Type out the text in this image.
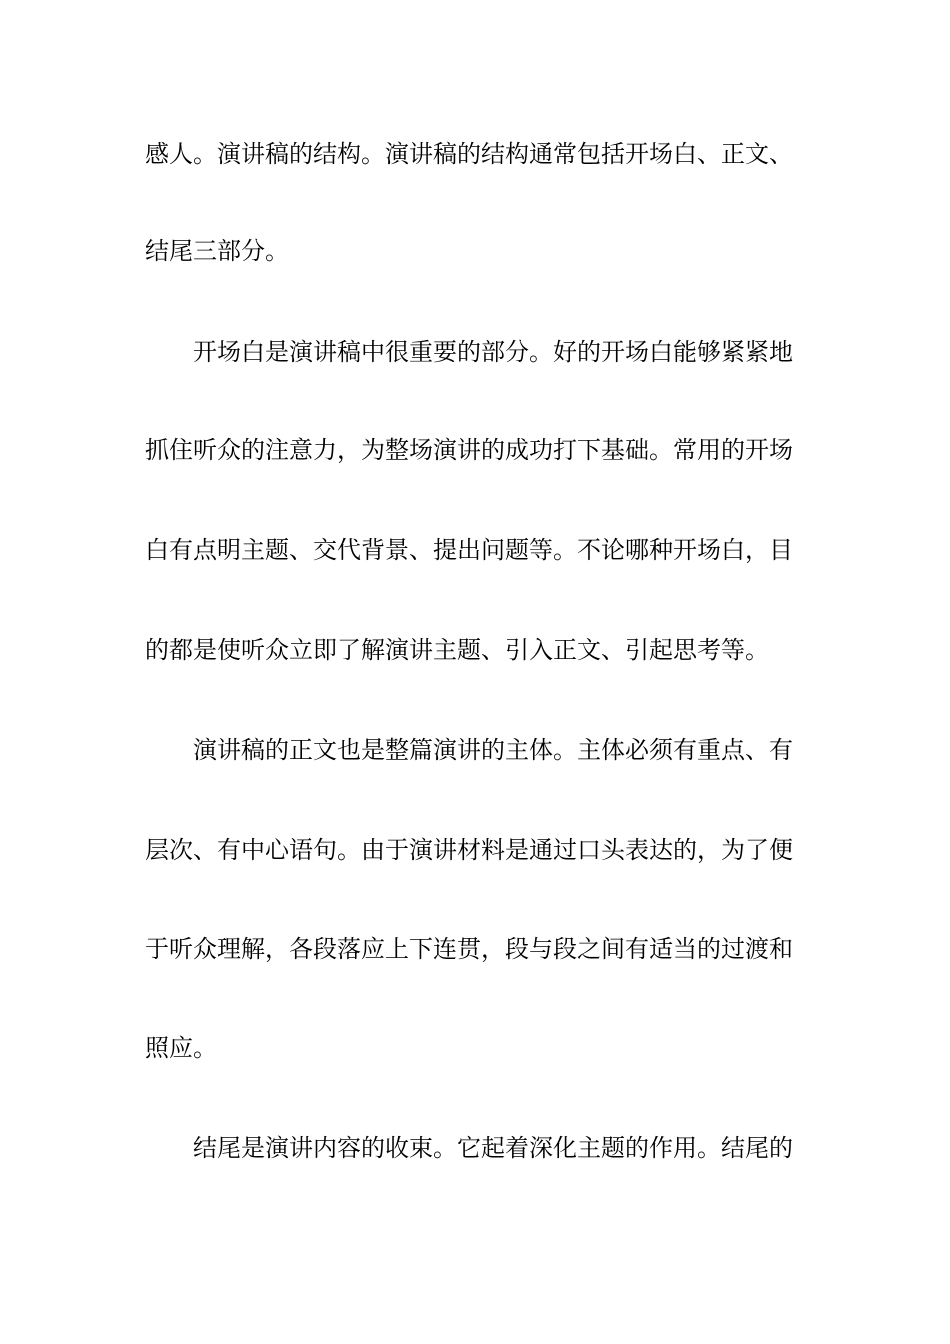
感人。演讲稿的结构。演讲稿的结构通常包括开场白、正文、
结尾三部分。
开场白是演讲稿中很重要的部分。好的开场白能够紧紧地
抓住听众的注意力，为整场演讲的成功打下基础。常用的开场
白有点明主题、交代背景、提出问题等。不论哪种开场白，目
的都是使听众立即了解演讲主题、引入正文、引起思考等。
演讲稿的正文也是整篇演讲的主体。主体必须有重点、有
层次、有中心语句。由于演讲材料是通过口头表达的，为了便
于听众理解，各段落应上下连贯，段与段之间有适当的过渡和
照应。
结尾是演讲内容的收束。它起着深化主题的作用。结尾的
